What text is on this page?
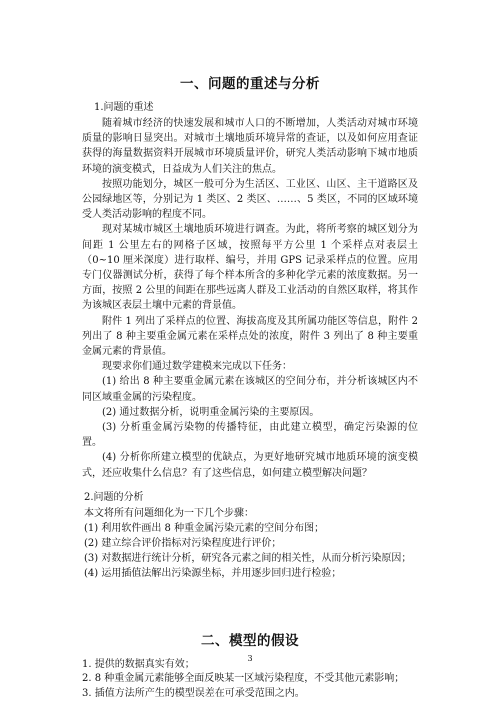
一、问题的重述与分析
1.问题的重述

随着城市经济的快速发展和城市人口的不断增加，人类活动对城市环境质量的影响日显突出。对城市土壤地质环境异常的查证，以及如何应用查证获得的海量数据资料开展城市环境质量评价，研究人类活动影响下城市地质环境的演变模式，日益成为人们关注的焦点。

按照功能划分，城区一般可分为生活区、工业区、山区、主干道路区及公园绿地区等，分别记为 1 类区、2 类区、……、5 类区，不同的区域环境受人类活动影响的程度不同。

现对某城市城区土壤地质环境进行调查。为此，将所考察的城区划分为间距 1 公里左右的网格子区域，按照每平方公里 1 个采样点对表层土（0~10 厘米深度）进行取样、编号，并用 GPS 记录采样点的位置。应用专门仪器测试分析，获得了每个样本所含的多种化学元素的浓度数据。另一方面，按照 2 公里的间距在那些远离人群及工业活动的自然区取样，将其作为该城区表层土壤中元素的背景值。

附件 1 列出了采样点的位置、海拔高度及其所属功能区等信息，附件 2 列出了 8 种主要重金属元素在采样点处的浓度，附件 3 列出了 8 种主要重金属元素的背景值。

现要求你们通过数学建模来完成以下任务：

(1) 给出 8 种主要重金属元素在该城区的空间分布，并分析该城区内不同区域重金属的污染程度。

(2) 通过数据分析，说明重金属污染的主要原因。

(3) 分析重金属污染物的传播特征，由此建立模型，确定污染源的位置。

(4) 分析你所建立模型的优缺点，为更好地研究城市地质环境的演变模式，还应收集什么信息？有了这些信息，如何建立模型解决问题？

2.问题的分析
本文将所有问题细化为一下几个步骤：
(1) 利用软件画出 8 种重金属污染元素的空间分布图；
(2) 建立综合评价指标对污染程度进行评价；
(3) 对数据进行统计分析，研究各元素之间的相关性，从而分析污染原因；
(4) 运用插值法解出污染源坐标，并用逐步回归进行检验；
二、模型的假设
1. 提供的数据真实有效；
2. 8 种重金属元素能够全面反映某一区域污染程度，不受其他元素影响；
3. 插值方法所产生的模型误差在可承受范围之内。
3
